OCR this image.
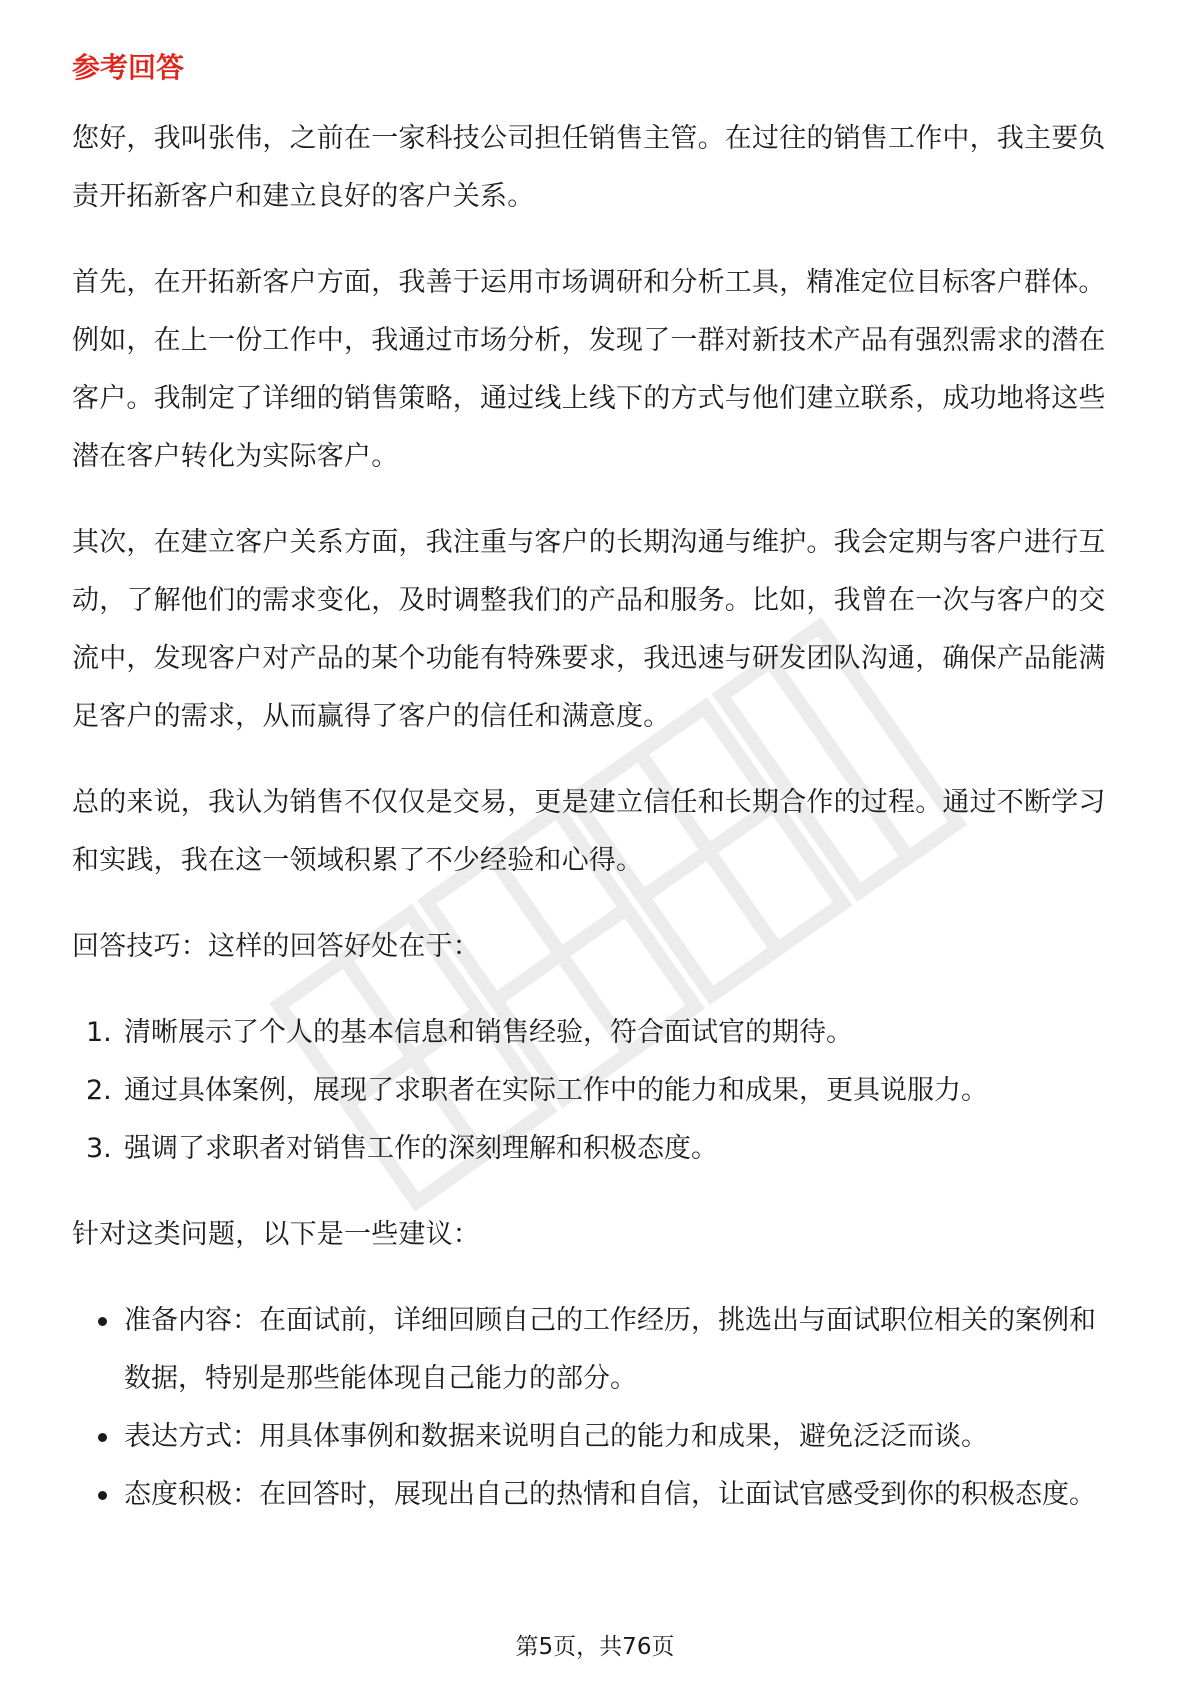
参考回答

您好，我叫张伟，之前在一家科技公司担任销售主管。在过往的销售工作中，我主要负责开拓新客户和建立良好的客户关系。

首先，在开拓新客户方面，我善于运用市场调研和分析工具，精准定位目标客户群体。例如，在上一份工作中，我通过市场分析，发现了一群对新技术产品有强烈需求的潜在客户。我制定了详细的销售策略，通过线上线下的方式与他们建立联系，成功地将这些潜在客户转化为实际客户。

其次，在建立客户关系方面，我注重与客户的长期沟通与维护。我会定期与客户进行互动，了解他们的需求变化，及时调整我们的产品和服务。比如，我曾在一次与客户的交流中，发现客户对产品的某个功能有特殊要求，我迅速与研发团队沟通，确保产品能满足客户的需求，从而赢得了客户的信任和满意度。

总的来说，我认为销售不仅仅是交易，更是建立信任和长期合作的过程。通过不断学习和实践，我在这一领域积累了不少经验和心得。

回答技巧：这样的回答好处在于：

1. 清晰展示了个人的基本信息和销售经验，符合面试官的期待。
2. 通过具体案例，展现了求职者在实际工作中的能力和成果，更具说服力。
3. 强调了求职者对销售工作的深刻理解和积极态度。

针对这类问题，以下是一些建议：

准备内容：在面试前，详细回顾自己的工作经历，挑选出与面试职位相关的案例和数据，特别是那些能体现自己能力的部分。
表达方式：用具体事例和数据来说明自己的能力和成果，避免泛泛而谈。
态度积极：在回答时，展现出自己的热情和自信，让面试官感受到你的积极态度。
第5页，共76页
